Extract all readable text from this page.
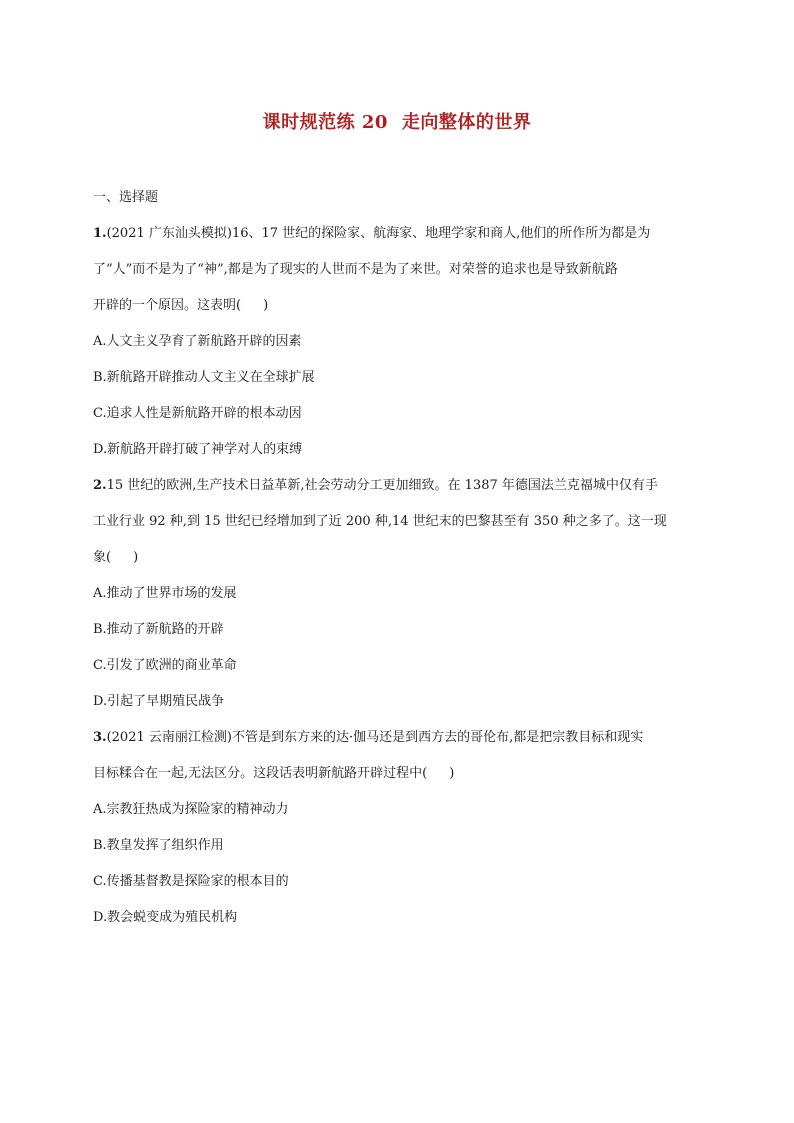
课时规范练 20 走向整体的世界
一、选择题
1.(2021 广东汕头模拟)16、17 世纪的探险家、航海家、地理学家和商人,他们的所作所为都是为
了“人”而不是为了“神”,都是为了现实的人世而不是为了来世。对荣誉的追求也是导致新航路
开辟的一个原因。这表明( )
A.人文主义孕育了新航路开辟的因素
B.新航路开辟推动人文主义在全球扩展
C.追求人性是新航路开辟的根本动因
D.新航路开辟打破了神学对人的束缚
2.15 世纪的欧洲,生产技术日益革新,社会劳动分工更加细致。在 1387 年德国法兰克福城中仅有手
工业行业 92 种,到 15 世纪已经增加到了近 200 种,14 世纪末的巴黎甚至有 350 种之多了。这一现
象( )
A.推动了世界市场的发展
B.推动了新航路的开辟
C.引发了欧洲的商业革命
D.引起了早期殖民战争
3.(2021 云南丽江检测)不管是到东方来的达·伽马还是到西方去的哥伦布,都是把宗教目标和现实
目标糅合在一起,无法区分。这段话表明新航路开辟过程中( )
A.宗教狂热成为探险家的精神动力
B.教皇发挥了组织作用
C.传播基督教是探险家的根本目的
D.教会蜕变成为殖民机构
